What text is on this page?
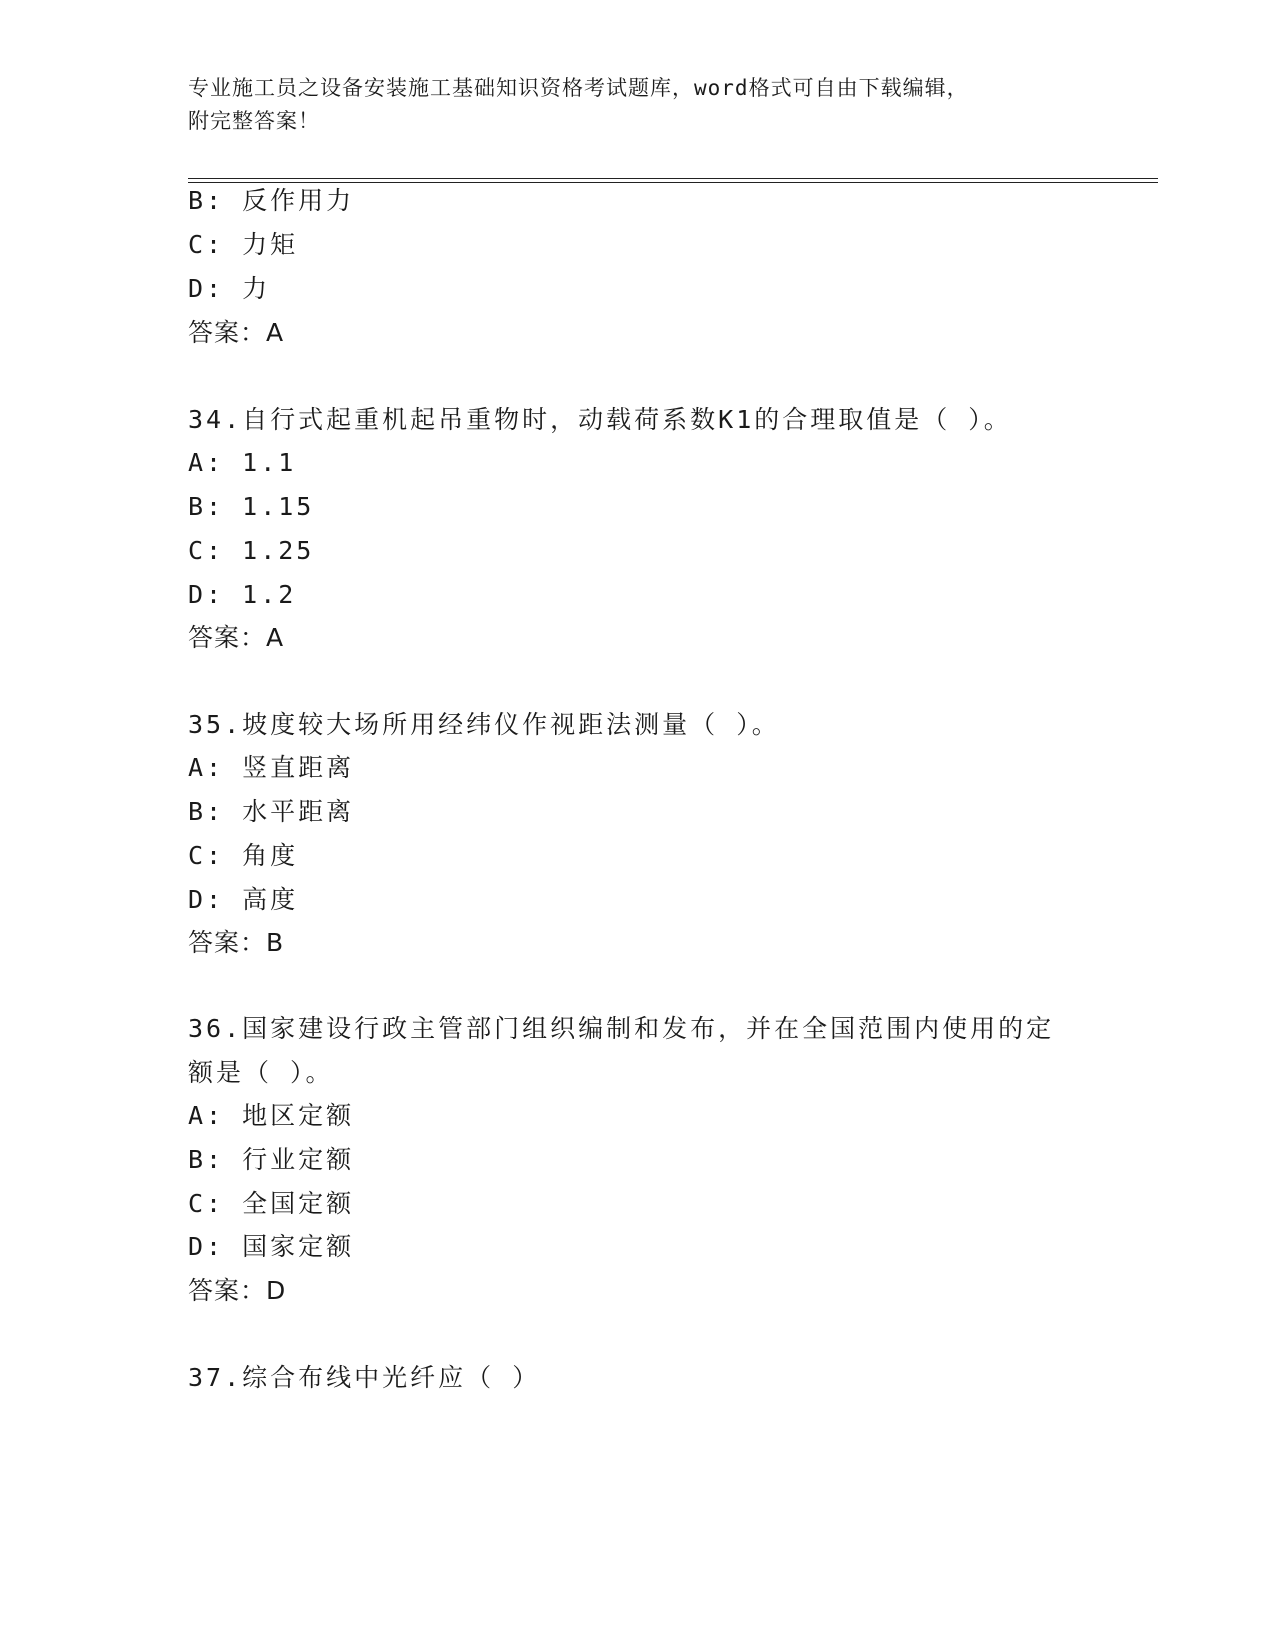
专业施工员之设备安装施工基础知识资格考试题库，word格式可自由下载编辑，
附完整答案！
B: 反作用力
C: 力矩
D: 力
答案：A
34.自行式起重机起吊重物时，动载荷系数K1的合理取值是（ ）。
A: 1.1
B: 1.15
C: 1.25
D: 1.2
答案：A
35.坡度较大场所用经纬仪作视距法测量（ ）。
A: 竖直距离
B: 水平距离
C: 角度
D: 高度
答案：B
36.国家建设行政主管部门组织编制和发布，并在全国范围内使用的定
额是（ ）。
A: 地区定额
B: 行业定额
C: 全国定额
D: 国家定额
答案：D
37.综合布线中光纤应（ ）
